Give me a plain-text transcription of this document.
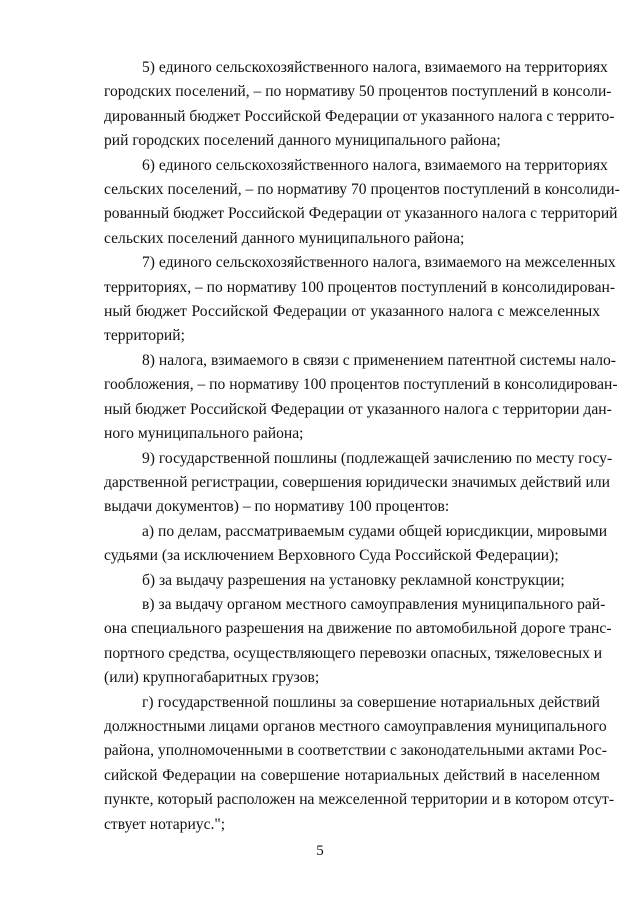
5) единого сельскохозяйственного налога, взимаемого на территориях
городских поселений, – по нормативу 50 процентов поступлений в консоли-
дированный бюджет Российской Федерации от указанного налога с террито-
рий городских поселений данного муниципального района;

6) единого сельскохозяйственного налога, взимаемого на территориях
сельских поселений, – по нормативу 70 процентов поступлений в консолиди-
рованный бюджет Российской Федерации от указанного налога с территорий
сельских поселений данного муниципального района;

7) единого сельскохозяйственного налога, взимаемого на межселенных
территориях, – по нормативу 100 процентов поступлений в консолидирован-
ный бюджет Российской Федерации от указанного налога с межселенных
территорий;

8) налога, взимаемого в связи с применением патентной системы нало-
гообложения, – по нормативу 100 процентов поступлений в консолидирован-
ный бюджет Российской Федерации от указанного налога с территории дан-
ного муниципального района;

9) государственной пошлины (подлежащей зачислению по месту госу-
дарственной регистрации, совершения юридически значимых действий или
выдачи документов) – по нормативу 100 процентов:

а) по делам, рассматриваемым судами общей юрисдикции, мировыми
судьями (за исключением Верховного Суда Российской Федерации);

б) за выдачу разрешения на установку рекламной конструкции;

в) за выдачу органом местного самоуправления муниципального рай-
она специального разрешения на движение по автомобильной дороге транс-
портного средства, осуществляющего перевозки опасных, тяжеловесных и
(или) крупногабаритных грузов;

г) государственной пошлины за совершение нотариальных действий
должностными лицами органов местного самоуправления муниципального
района, уполномоченными в соответствии с законодательными актами Рос-
сийской Федерации на совершение нотариальных действий в населенном
пункте, который расположен на межселенной территории и в котором отсут-
ствует нотариус.";

5
